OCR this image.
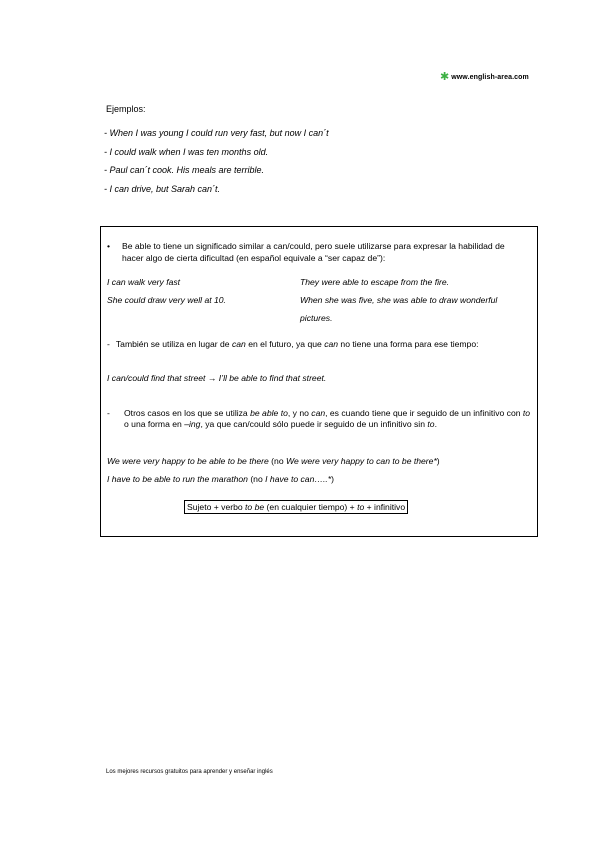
✱ www.english-area.com
Ejemplos:
- When I was young I could run very fast, but now I can´t
- I could walk when I was ten months old.
- Paul can´t cook. His meals are terrible.
- I can drive, but Sarah can´t.
•	Be able to tiene un significado similar a can/could, pero suele utilizarse para expresar la habilidad de hacer algo de cierta dificultad (en español equivale a “ser capaz de”):
I can walk very fast
She could draw very well at 10.
They were able to escape from the fire.
When she was five, she was able to draw wonderful pictures.
- También se utiliza en lugar de can en el futuro, ya que can no tiene una forma para ese tiempo:
I can/could find that street → I’ll be able to find that street.
-	Otros casos en los que se utiliza be able to, y no can, es cuando tiene que ir seguido de un infinitivo con to o una forma en –ing, ya que can/could sólo puede ir seguido de un infinitivo sin to.
We were very happy to be able to be there (no We were very happy to can to be there*)
I have to be able to run the marathon (no I have to can…..*)
Sujeto + verbo to be (en cualquier tiempo) + to + infinitivo
Los mejores recursos gratuitos para aprender y enseñar inglés
